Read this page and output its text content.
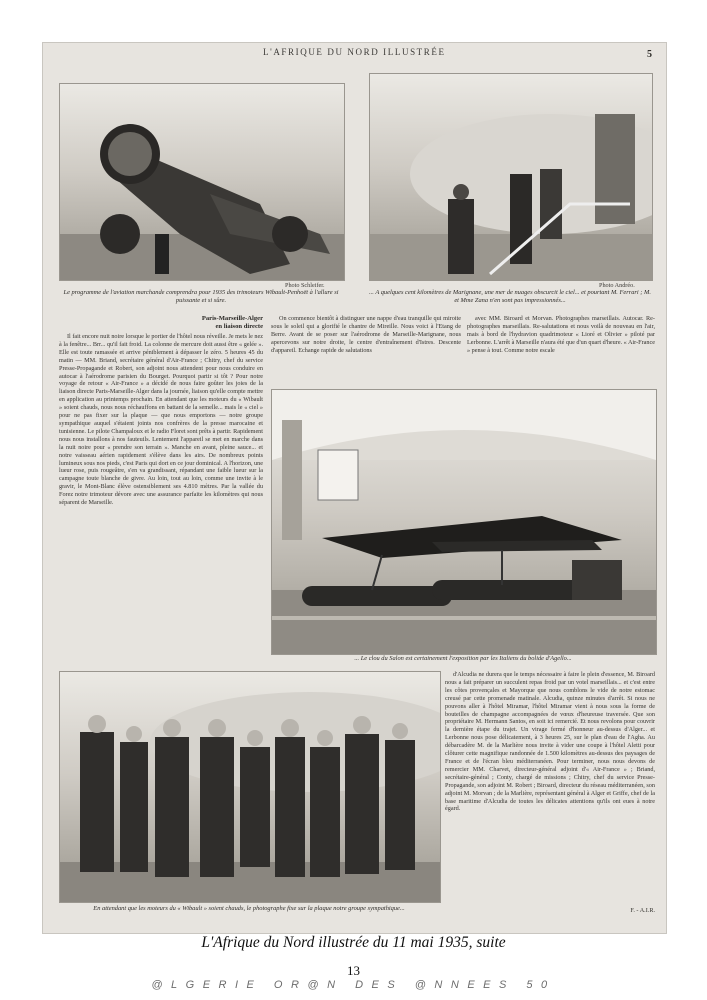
L'AFRIQUE DU NORD ILLUSTRÉE	5
Photo Schleifer.
Le programme de l'aviation marchande comprendra pour 1935 des trimoteurs Wibault-Penhoët à l'allure si puissante et si sûre.
Photo Andréo.
... A quelques cent kilomètres de Marignane, une mer de nuages obscurcit le ciel... et pourtant M. Ferrari ; M. et Mme Zana n'en sont pas impressionnés...
Paris-Marseille-Alger
en liaison directe

Il fait encore nuit noire lorsque le portier de l'hôtel nous réveille. Je mets le nez à la fenêtre... Brr... qu'il fait froid. La colonne de mercure doit aussi être « gelée ». Elle est toute ramassée et arrive péniblement à dépasser le zéro. 5 heures 45 du matin — MM. Briand, secrétaire général d'Air-France ; Chitry, chef du service Presse-Propagande et Robert, son adjoint nous attendent pour nous conduire en autocar à l'aérodrome parisien du Bourget. Pourquoi partir si tôt ? Pour notre voyage de retour « Air-France » a décidé de nous faire goûter les joies de la liaison directe Paris-Marseille-Alger dans la journée, liaison qu'elle compte mettre en application au printemps prochain. En attendant que les moteurs du « Wibault » soient chauds, nous nous réchauffons en battant de la semelle... mais le « ciel » pour ne pas fixer sur la plaque — que nous emportons — notre groupe sympathique auquel s'étaient joints nos confrères de la presse marocaine et tunisienne. Le pilote Champaloux et le radio Floret sont prêts à partir. Rapidement nous nous installons à nos fauteuils. Lentement l'appareil se met en marche dans la nuit noire pour « prendre son terrain ». Manche en avant, pleine sauce... et notre vaisseau aérien rapidement s'élève dans les airs. De nombreux points lumineux sous nos pieds, c'est Paris qui dort en ce jour dominical. A l'horizon, une lueur rose, puis rougeâtre, s'en va grandissant, répandant une faible lueur sur la campagne toute blanche de givre. Au loin, tout au loin, comme une invite à le gravir, le Mont-Blanc élève ostensiblement ses 4.810 mètres. Par la vallée du Forez notre trimoteur dévore avec une assurance parfaite les kilomètres qui nous séparent de Marseille.

On commence bientôt à distinguer une nappe d'eau tranquille qui miroite sous le soleil qui a glorifié le chantre de Mireille. Nous voici à l'Etang de Berre. Avant de se poser sur l'aérodrome de Marseille-Marignane, nous apercevons sur notre droite, le centre d'entraînement d'Istres. Descente d'appareil. Echange rapide de salutations

avec MM. Biroard et Morvan. Photographes marseillais. Autocar. Re-photographes marseillais. Re-salutations et nous voilà de nouveau en l'air, mais à bord de l'hydravion quadrimoteur « Lioré et Olivier » piloté par Lerbonne. L'arrêt à Marseille n'aura été que d'un quart d'heure. « Air-France » pense à tout. Comme notre escale

... Le clou du Salon est certainement l'exposition par les Italiens du bolide d'Agello...
En attendant que les moteurs du « Wibault » soient chauds, le photographe fixe sur la plaque notre groupe sympathique...

d'Alcudia ne durera que le temps nécessaire à faire le plein d'essence, M. Biroard nous a fait préparer un succulent repas froid par un votel marseillais... et c'est entre les côtes provençales et Mayorque que nous comblons le vide de notre estomac creusé par cette promenade matinale. Alcudia, quinze minutes d'arrêt. Si nous ne pouvons aller à l'hôtel Miramar, l'hôtel Miramar vient à nous sous la forme de bouteilles de champagne accompagnées de vœux d'heureuse traversée. Que son propriétaire M. Hermann Santos, en soit ici remercié. Et nous revolons pour couvrir la dernière étape du trajet. Un virage fermé d'honneur au-dessus d'Alger... et Lerbonne nous pose délicatement, à 3 heures 25, sur le plan d'eau de l'Agha. Au débarcadère M. de la Marlière nous invite à vider une coupe à l'hôtel Aletti pour clôturer cette magnifique randonnée de 1.500 kilomètres au-dessus des paysages de France et de l'écran bleu méditerranéen. Pour terminer, nous nous devons de remercier MM. Charvet, directeur-général adjoint d'« Air-France » ; Briand, secrétaire-général ; Conty, chargé de missions ; Chitry, chef du service Presse-Propagande, son adjoint M. Robert ; Biroard, directeur du réseau méditerranéen, son adjoint M. Morvan ; de la Marlière, représentant général à Alger et Griffe, chef de la base maritime d'Alcudia de toutes les délicates attentions qu'ils ont eues à notre égard.

F. - A.I.R.
L'Afrique du Nord illustrée du 11 mai 1935, suite
13
@LGERIE OR@N DES @NNEES 50
